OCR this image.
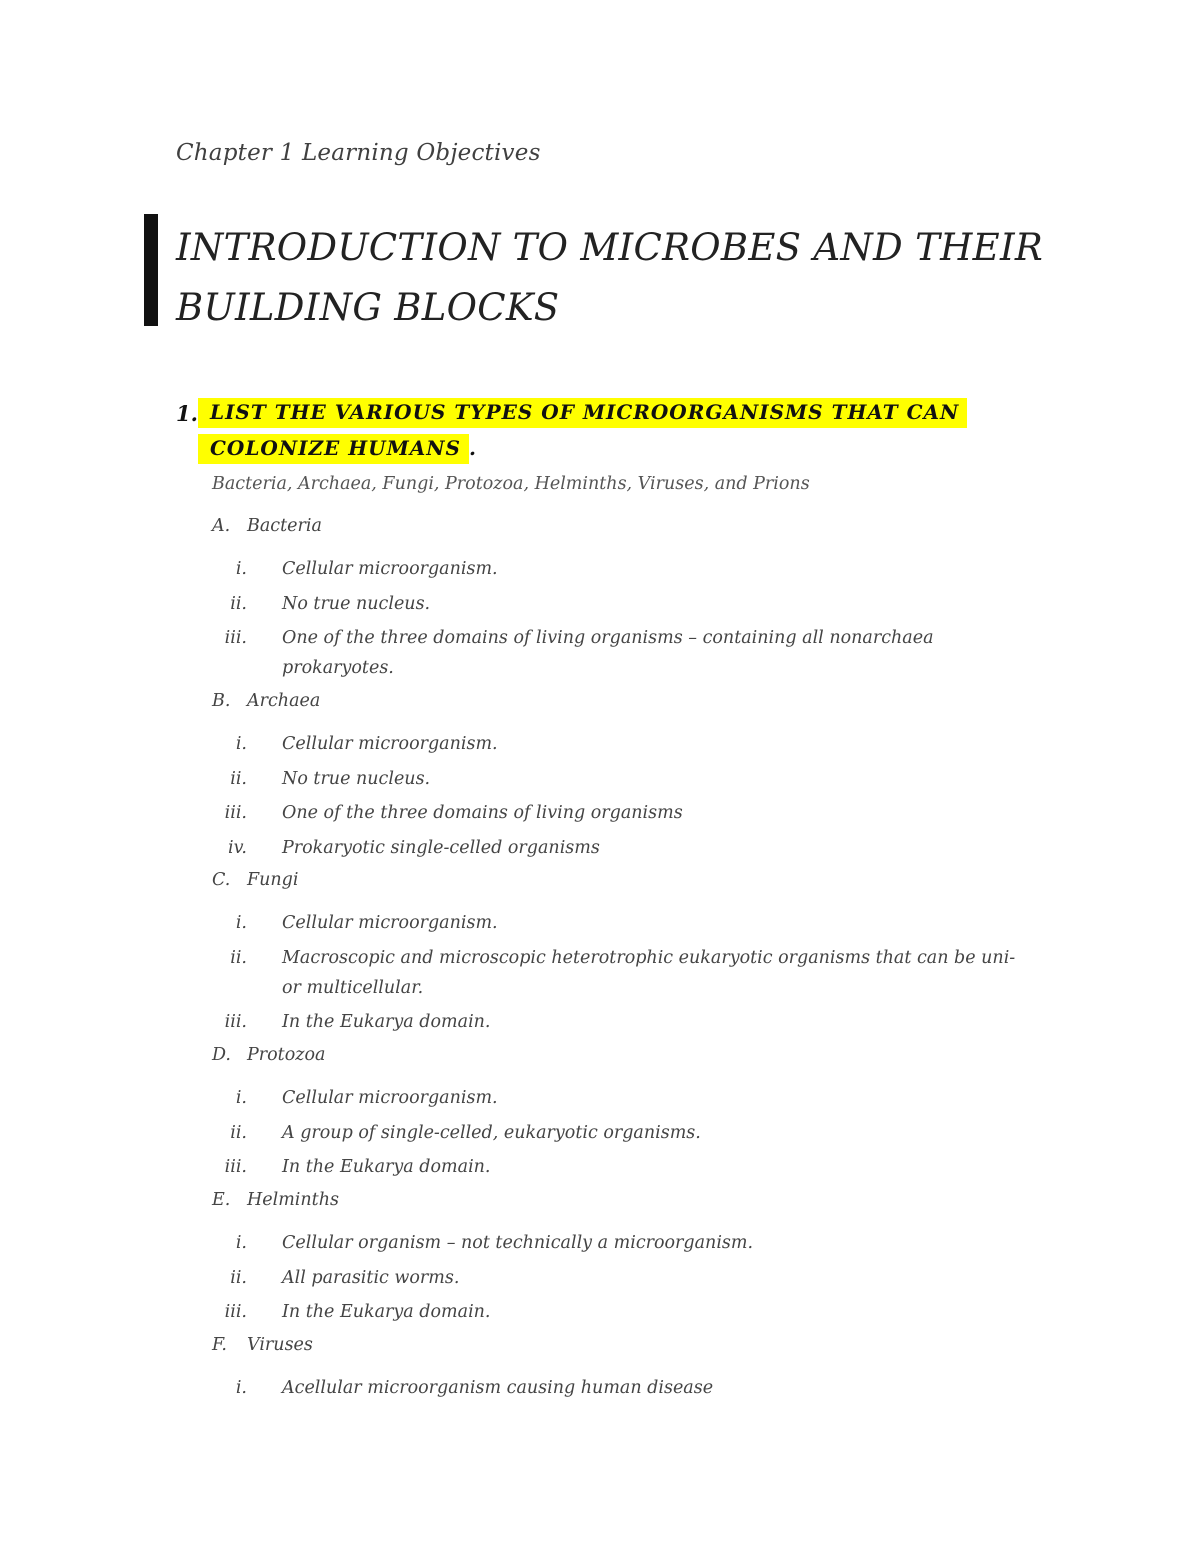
Chapter 1 Learning Objectives
INTRODUCTION TO MICROBES AND THEIR
BUILDING BLOCKS
1. LIST THE VARIOUS TYPES OF MICROORGANISMS THAT CAN
COLONIZE HUMANS .
Bacteria, Archaea, Fungi, Protozoa, Helminths, Viruses, and Prions
A. Bacteria
i. Cellular microorganism.
ii. No true nucleus.
iii. One of the three domains of living organisms – containing all nonarchaea
prokaryotes.
B. Archaea
i. Cellular microorganism.
ii. No true nucleus.
iii. One of the three domains of living organisms
iv. Prokaryotic single-celled organisms
C. Fungi
i. Cellular microorganism.
ii. Macroscopic and microscopic heterotrophic eukaryotic organisms that can be uni-
or multicellular.
iii. In the Eukarya domain.
D. Protozoa
i. Cellular microorganism.
ii. A group of single-celled, eukaryotic organisms.
iii. In the Eukarya domain.
E. Helminths
i. Cellular organism – not technically a microorganism.
ii. All parasitic worms.
iii. In the Eukarya domain.
F.	Viruses
i. Acellular microorganism causing human disease
